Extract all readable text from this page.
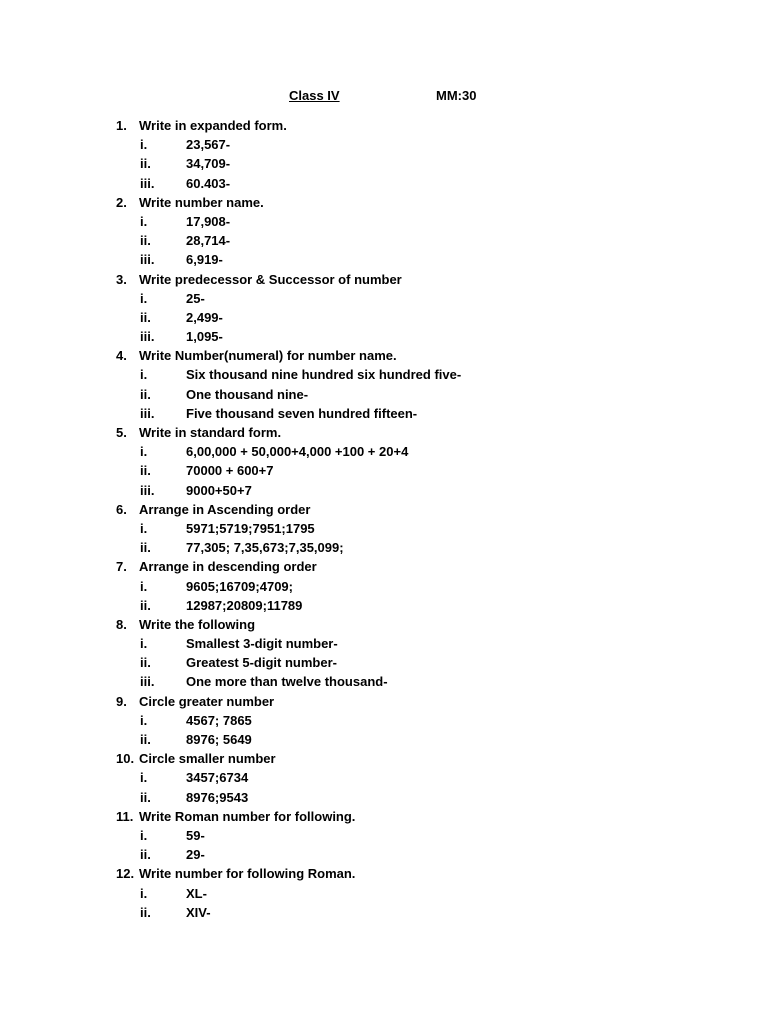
Class IV	MM:30
1. Write in expanded form.
i.	23,567-
ii.	34,709-
iii. 60.403-
2. Write number name.
i.	17,908-
ii.	28,714-
iii. 6,919-
3. Write predecessor & Successor of number
i.	25-
ii.	2,499-
iii. 1,095-
4. Write Number(numeral) for number name.
i.	Six thousand nine hundred six hundred five-
ii.	One thousand nine-
iii. Five thousand seven hundred fifteen-
5. Write in standard form.
i.	6,00,000 + 50,000+4,000 +100 + 20+4
ii.	70000 + 600+7
iii. 9000+50+7
6. Arrange in Ascending order
i.	5971;5719;7951;1795
ii.	77,305; 7,35,673;7,35,099;
7. Arrange in descending order
i.	9605;16709;4709;
ii.	12987;20809;11789
8. Write the following
i.	Smallest 3-digit number-
ii.	Greatest 5-digit number-
iii. One more than twelve thousand-
9. Circle greater number
i.	4567; 7865
ii.	8976; 5649
10. Circle smaller number
i.	3457;6734
ii.	8976;9543
11. Write Roman number for following.
i.	59-
ii.	29-
12. Write number for following Roman.
i.	XL-
ii.	XIV-
